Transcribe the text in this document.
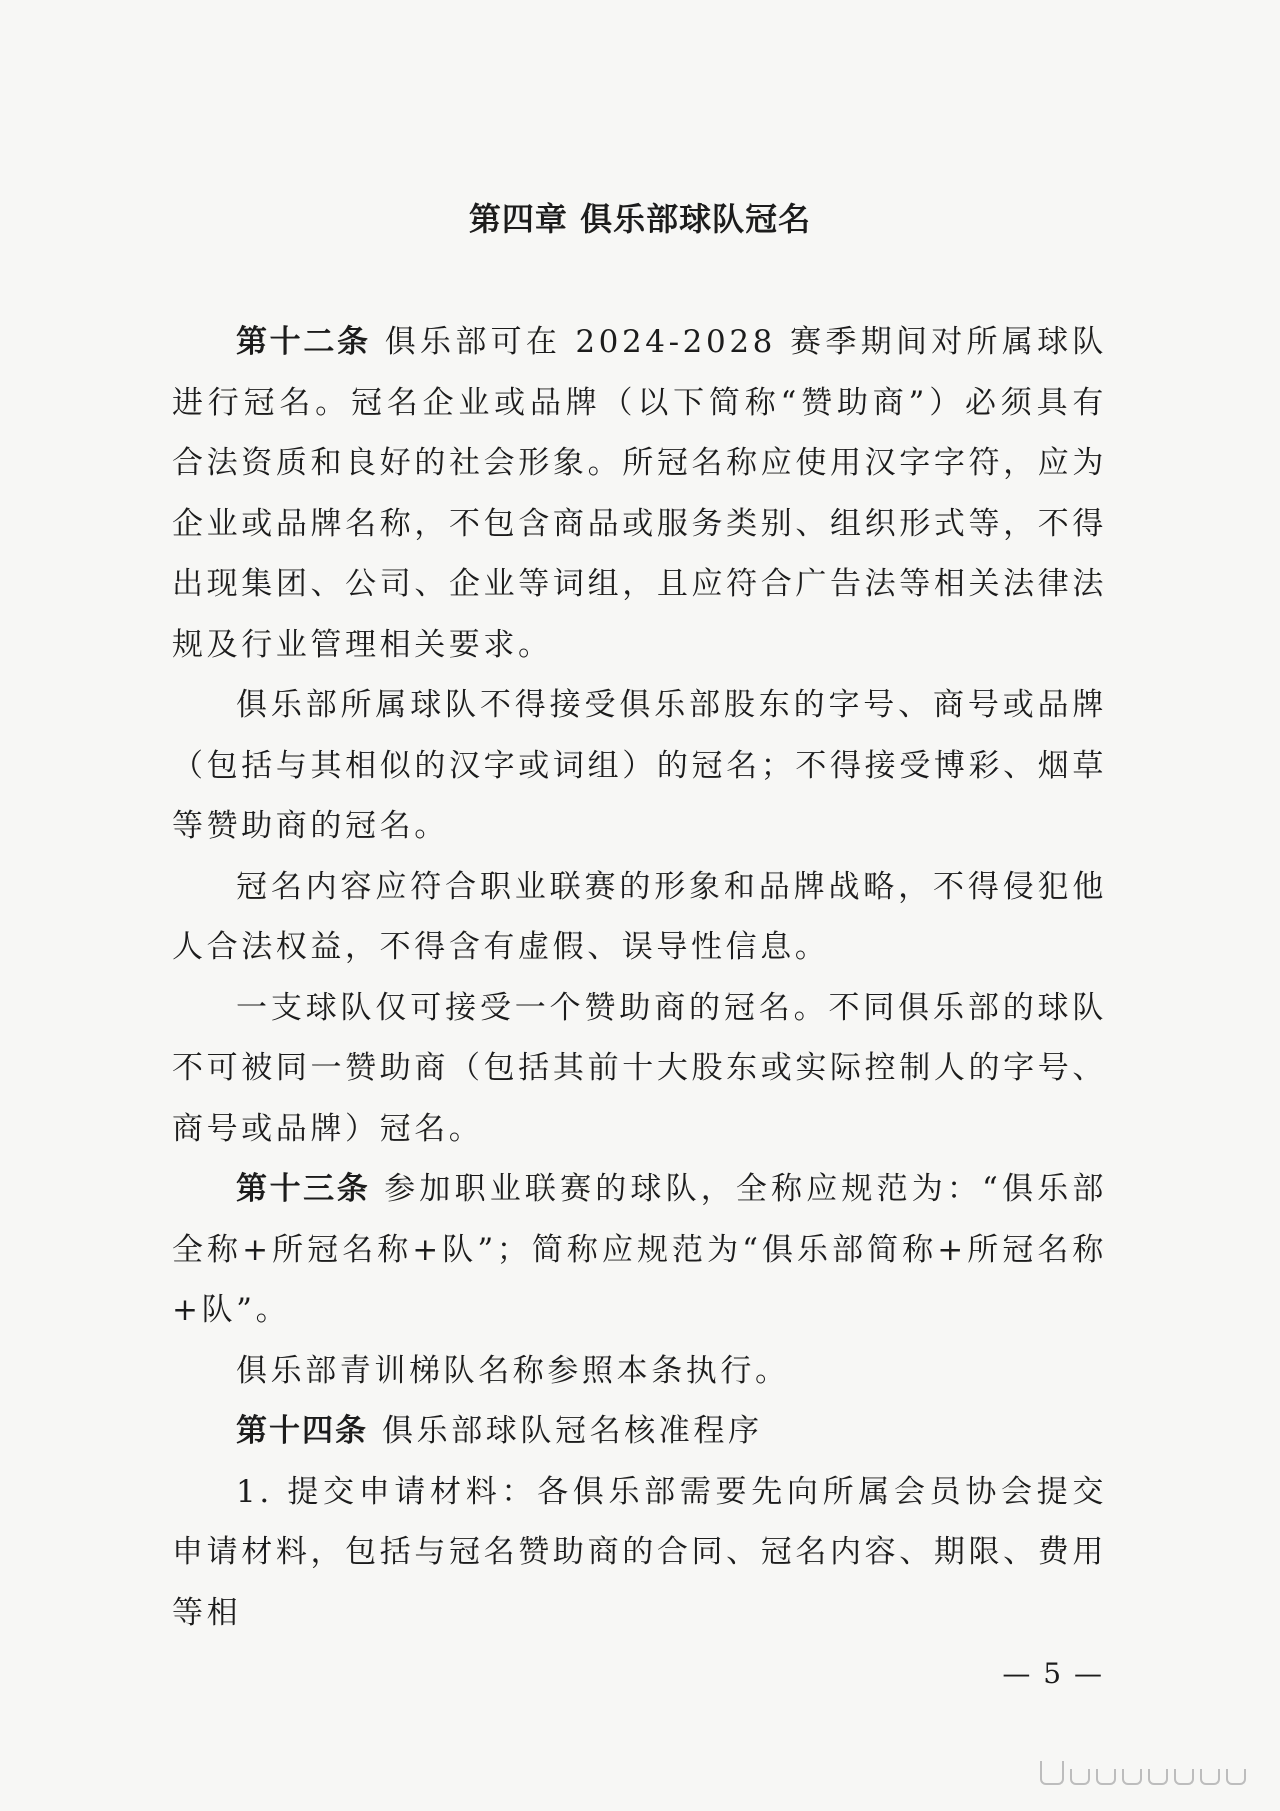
第四章 俱乐部球队冠名

第十二条 俱乐部可在 2024-2028 赛季期间对所属球队进行冠名。冠名企业或品牌（以下简称“赞助商”）必须具有合法资质和良好的社会形象。所冠名称应使用汉字字符，应为企业或品牌名称，不包含商品或服务类别、组织形式等，不得出现集团、公司、企业等词组，且应符合广告法等相关法律法规及行业管理相关要求。

俱乐部所属球队不得接受俱乐部股东的字号、商号或品牌（包括与其相似的汉字或词组）的冠名；不得接受博彩、烟草等赞助商的冠名。

冠名内容应符合职业联赛的形象和品牌战略，不得侵犯他人合法权益，不得含有虚假、误导性信息。

一支球队仅可接受一个赞助商的冠名。不同俱乐部的球队不可被同一赞助商（包括其前十大股东或实际控制人的字号、商号或品牌）冠名。

第十三条 参加职业联赛的球队，全称应规范为：“俱乐部全称+所冠名称+队”；简称应规范为“俱乐部简称+所冠名称+队”。

俱乐部青训梯队名称参照本条执行。

第十四条 俱乐部球队冠名核准程序

1. 提交申请材料：各俱乐部需要先向所属会员协会提交申请材料，包括与冠名赞助商的合同、冠名内容、期限、费用等相

— 5 —
